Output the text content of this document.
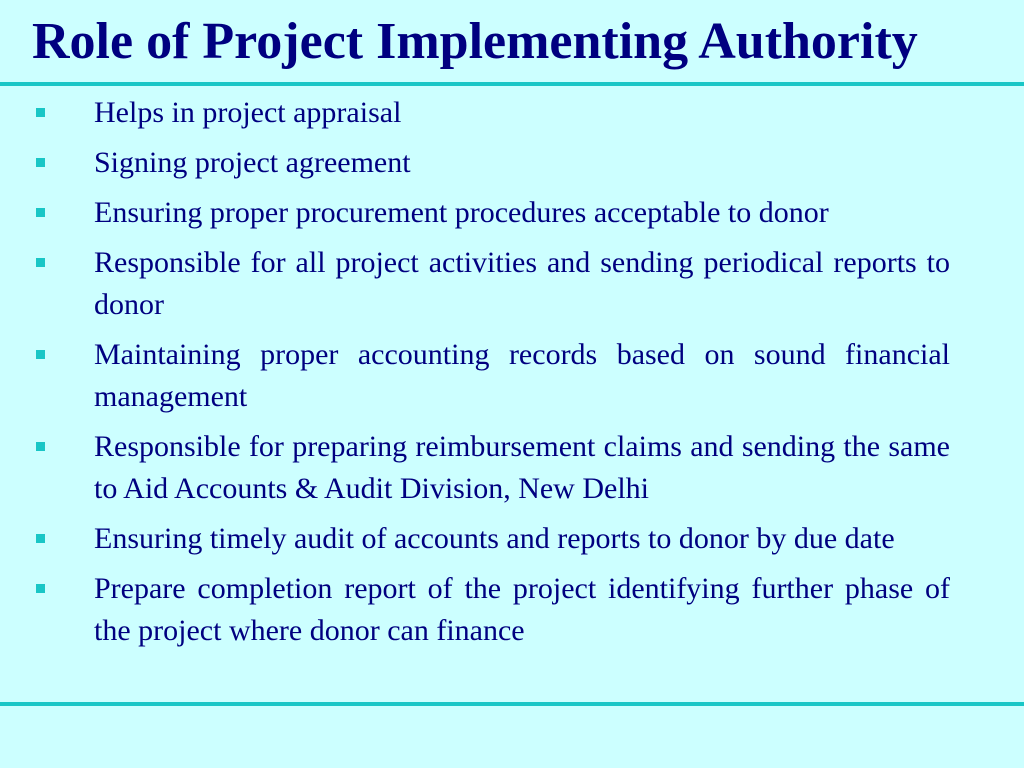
Role of Project Implementing Authority
Helps in project appraisal
Signing project agreement
Ensuring proper procurement procedures acceptable to donor
Responsible for all project activities and sending periodical reports to donor
Maintaining proper accounting records based on sound financial management
Responsible for preparing reimbursement claims and sending the same to Aid Accounts & Audit Division, New Delhi
Ensuring timely audit of accounts and reports to donor by due date
Prepare completion report of the project identifying further phase of the project where donor can finance
